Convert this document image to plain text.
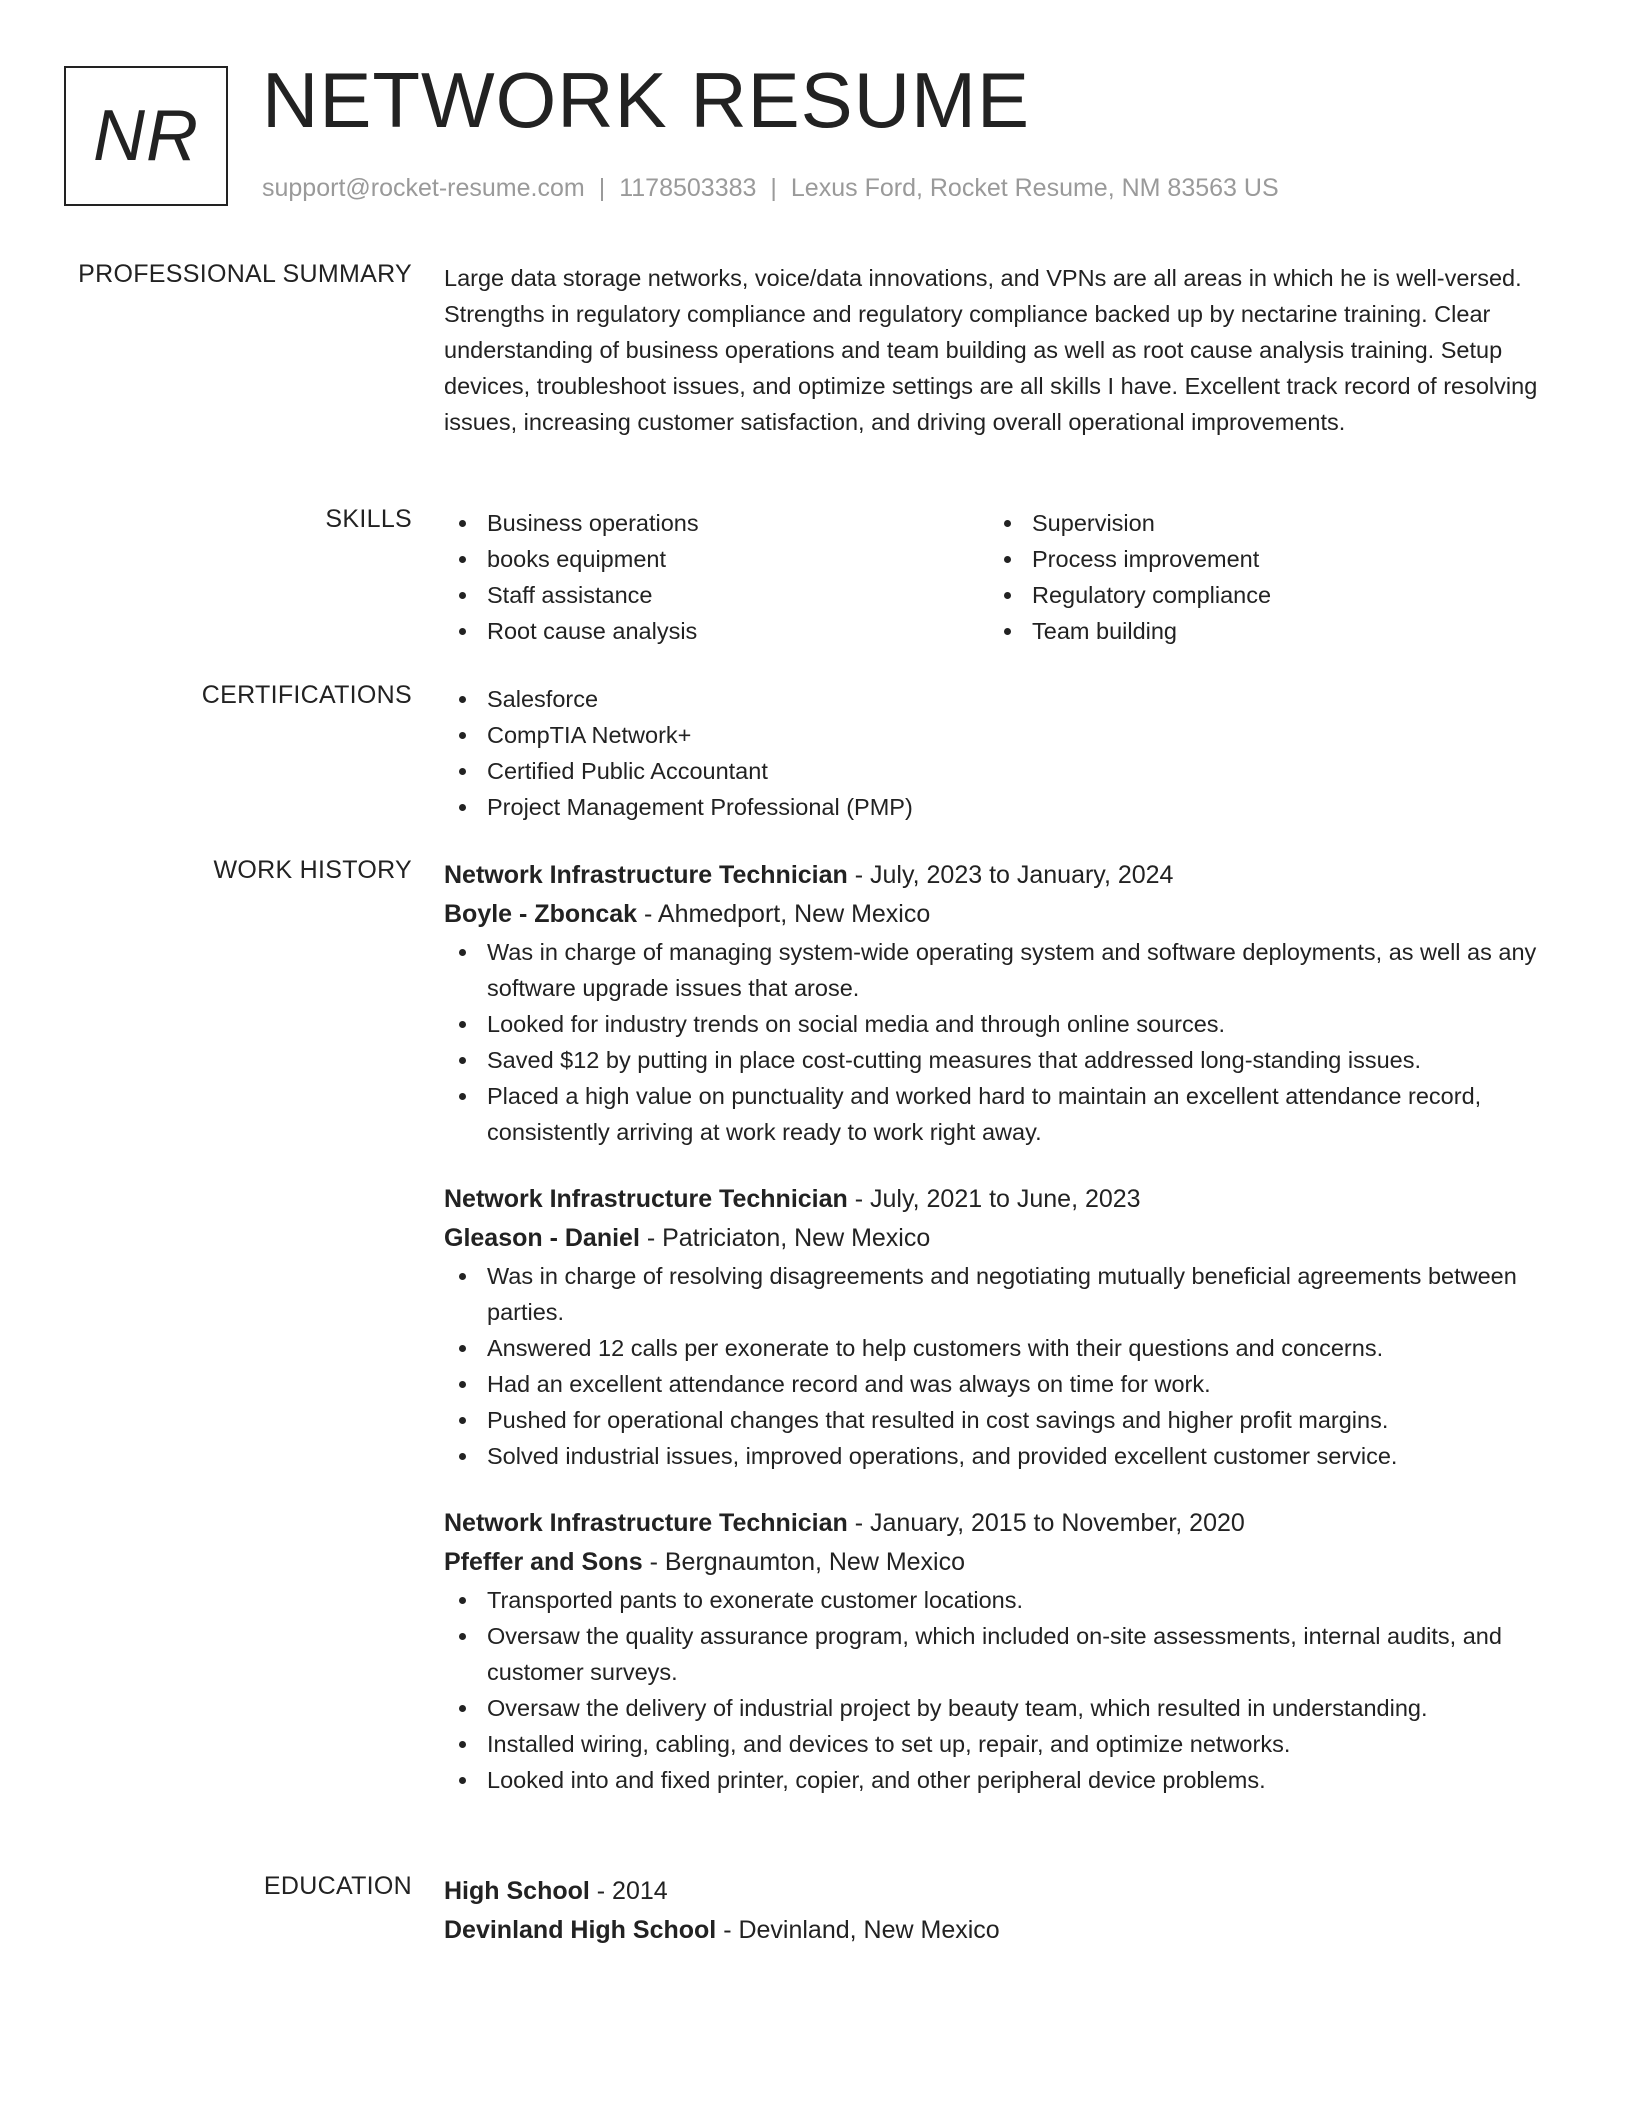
NR NETWORK RESUME
support@rocket-resume.com | 1178503383 | Lexus Ford, Rocket Resume, NM 83563 US
PROFESSIONAL SUMMARY Large data storage networks, voice/data innovations, and VPNs are all areas in which he is well-versed. Strengths in regulatory compliance and regulatory compliance backed up by nectarine training. Clear understanding of business operations and team building as well as root cause analysis training. Setup devices, troubleshoot issues, and optimize settings are all skills I have. Excellent track record of resolving issues, increasing customer satisfaction, and driving overall operational improvements.

SKILLS	Business operations
books equipment
Staff assistance
Root cause analysis
Supervision
Process improvement
Regulatory compliance
Team building
CERTIFICATIONS	Salesforce
CompTIA Network+
Certified Public Accountant
Project Management Professional (PMP)
WORK HISTORY Network Infrastructure Technician - July, 2023 to January, 2024
Boyle - Zboncak - Ahmedport, New Mexico
Was in charge of managing system-wide operating system and software deployments, as well as any software upgrade issues that arose.
Looked for industry trends on social media and through online sources.
Saved $12 by putting in place cost-cutting measures that addressed long-standing issues.
Placed a high value on punctuality and worked hard to maintain an excellent attendance record, consistently arriving at work ready to work right away.
Network Infrastructure Technician - July, 2021 to June, 2023
Gleason - Daniel - Patriciaton, New Mexico
Was in charge of resolving disagreements and negotiating mutually beneficial agreements between parties.
Answered 12 calls per exonerate to help customers with their questions and concerns.
Had an excellent attendance record and was always on time for work.
Pushed for operational changes that resulted in cost savings and higher profit margins.
Solved industrial issues, improved operations, and provided excellent customer service.
Network Infrastructure Technician - January, 2015 to November, 2020
Pfeffer and Sons - Bergnaumton, New Mexico
Transported pants to exonerate customer locations.
Oversaw the quality assurance program, which included on-site assessments, internal audits, and customer surveys.
Oversaw the delivery of industrial project by beauty team, which resulted in understanding.
Installed wiring, cabling, and devices to set up, repair, and optimize networks.
Looked into and fixed printer, copier, and other peripheral device problems.
EDUCATION High School - 2014
Devinland High School - Devinland, New Mexico
